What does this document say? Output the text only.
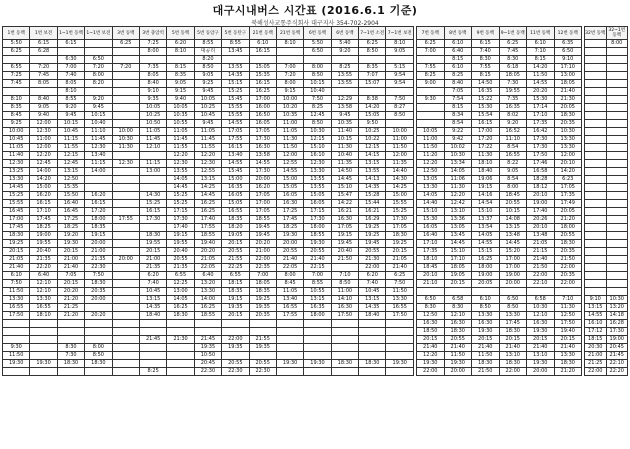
대구시내버스 시간표 (2016.6.1 기준)
북해성사교통주식회사 대구지사 354-702-2904
1번 동백	1번 보전	1~1번 동백	1~1번 보전	3번 동백	3번 충암역	5번 동백	5번 동암구	5번 동탄구	21번 동백	21번 동백	6번 동백	6번 동백	7~1번 소전	7~1번 보전
5:50	6:15	6:15		6:25	7:25	6:20	8:55	8:55	6:10	8:10	5:50	5:40	6:25	8:10
6:25	6:28				8:00	8:10	대공리	13:45	16:15		6:50	9:20	8:50	9:05
		6:30	6:50				8:20							
6:55	7:20	7:00	7:20	7:20	7:35	8:15	8:50	13:55	15:05	7:00	8:00	8:25	8:35	5:15
7:25	7:45	7:40	8:00		8:05	8:35	9:05	14:35	15:35	7:20	8:50	13:55	7:07	9:54
7:45	8:05	8:05	8:20		8:40	9:05	9:25	15:15	16:15	8:00	10:15	13:55	15:07	9:54
		8:10			9:10	9:15	9:45	15:25	16:25	9:15	10:40			
8:10	8:40	8:55	9:20		9:35	9:40	10:05	15:45	17:00	10:00	7:50	12:29	8:38	7:50
8:35	9:05	9:20	9:45		10:05	10:05	10:25	15:55	16:00	10:20	8:25	13:58	14:20	8:27
8:45	9:40	9:45	10:15		10:25	10:35	10:45	15:55	16:50	10:35	12:45	9:45	15:05	8:50
9:25	12:00	10:15	10:40		10:50	10:55	9:45	14:55	16:05	11:00	8:50	10:35	9:50	
10:00	12:30	10:45	11:10	10:00	11:05	11:05	11:05	17:05	17:05	11:05	10:30	11:40	10:25	10:00
10:45	11:00	11:15	11:45	10:30	11:45	11:45	11:45	17:55	17:30	11:30	12:15	10:15	10:22	11:00
11:05	12:00	11:55	12:30	11:30	12:10	11:55	11:55	16:15	16:30	11:50	15:10	11:30	12:15	11:50
11:40	12:20	12:15	13:40			12:20	12:20	13:40	13:58	12:00	16:10	10:40	14:15	12:00
12:30	12:45	12:45	11:15	12:30	11:15	12:30	12:30	14:55	14:55	12:55	12:30	11:35	13:15	11:35
13:25	14:00	13:15	14:00		13:00	13:55	12:55	15:45	17:30	14:55	13:30	14:50	13:55	14:40
13:30	14:20	12:50				14:05	13:15	15:00	20:00	15:00	13:55	14:45	14:13	14:30
14:45	15:00	15:35				14:45	14:25	16:35	16:20	15:05	13:55	15:10	14:35	14:25
15:25	16:20	15:50	16:20		14:30	15:25	14:45	16:05	17:05	16:05	15:05	15:47	15:28	15:00
15:55	16:15	16:40	16:15		15:25	15:25	16:25	15:05	17:00	16:30	16:05	14:22	15:44	15:55
16:45	17:10	16:45	17:20		16:15	17:15	16:25	16:55	17:05	17:25	17:15	16:21	16:21	15:25
17:00	17:45	17:25	18:00	17:55	17:30	17:30	17:40	18:35	18:55	17:45	17:30	16:30	16:29	17:30
17:45	18:25	18:25	18:35			17:40	17:55	18:20	19:45	18:25	18:00	17:05	19:25	17:05
18:30	19:00	19:20	19:15		18:30	19:15	18:55	19:05	19:45	19:30	18:55	19:15	19:25	18:30
19:25	19:55	19:30	20:00		19:55	19:55	19:40	20:15	20:20	20:00	19:30	19:45	19:45	19:25
20:15	20:40	20:15	21:00		20:15	20:40	20:20	20:55	21:00	20:55	20:55	20:40	20:55	20:15
21:05	21:35	21:00	21:35	20:00	21:00	20:55	21:05	21:55	22:00	21:40	21:40	21:50	21:30	21:05
21:40	22:20	21:40	22:30		21:35	21:35	22:05	22:25	22:35	22:05	22:15		22:00	21:40
6:10	6:40	7:05	7:50		6:20	6:55	6:40	6:55	7:00	8:00	7:00	7:10	6:20	6:25
7:50	12:10	20:15	18:30		7:40	12:25	13:20	18:15	18:05	8:45	8:55	8:50	7:40	7:50
11:50	12:10	20:20	20:35		10:45	13:00	13:30	18:35	18:35	11:05	10:55	11:00	10:45	11:50
13:30	13:30	21:20	20:00		13:15	14:05	14:00	19:15	19:25	13:40	13:15	14:10	13:15	13:30
16:55	16:55	21:25			14:35	16:25	16:25	19:35	19:35	16:55	16:35	16:30	14:35	16:55
17:50	18:10	21:20	20:20		18:40	18:30	18:55	20:15	20:35	17:55	18:00	17:50	18:40	17:50

					21:45	21:30	21:45	22:00	21:55					
9:30		8:30	8:00				19:35	19:35	19:35					
11:50		7:30	8:50				10:50							
19:30	19:30	18:30	18:30				20:45	20:55	20:55	19:30	19:30	18:30	18:30	19:30
					8:25		22:30	22:30	22:30					
7번 동백	8번 동백	9번 동백	9~1번 동백	11번 동백	12번 동백
6:25	6:10	6:15	6:25	6:10	6:35
7:00	6:40	7:40	7:45	7:10	6:50
	8:15	8:30	8:30	8:15	9:10
7:55	6:10	7:55	6:18	14:20	17:10
8:25	8:25	8:15	18:05	11:50	13:00
9:00	8:40	14:50	7:30	14:55	18:05
	7:05	16:35	19:55	20:20	21:40
9:30	7:54	15:22	7:35	15:30	21:30
	8:15	15:30	16:35	17:14	20:05
	8:34	15:54	8:02	17:10	18:30
	8:54	16:15	9:20	17:35	20:35
10:05	9:22	17:00	16:52	16:42	10:30
11:00	9:42	17:20	11:10	17:30	13:30
11:50	10:02	17:22	8:54	17:30	13:30
11:20	10:30	11:30	16:55	17:50	12:00
12:20	13:34	18:10	8:22	17:46	20:10
12:50	14:05	18:40	9:05	16:58	14:20
13:05	11:06	19:06	8:54	18:28	6:23
13:30	11:30	19:15	8:00	18:12	17:05
14:05	12:20	14:16	18:45	20:10	17:35
14:40	12:42	14:54	20:55	19:00	17:49
15:10	13:10	15:10	10:15	17:40	20:05
15:30	13:36	13:37	14:08	20:26	21:20
16:05	13:05	13:54	13:15	20:10	18:00
16:40	13:45	14:05	13:48	13:48	20:55
17:10	14:45	14:55	14:45	21:05	18:30
17:35	15:10	15:15	15:20	21:15	20:35
18:10	17:10	16:25	17:00	21:40	21:50
18:45	18:05	18:00	17:00	21:50	22:00
20:10	19:05	19:00	19:00	22:00	20:35
21:10	20:15	20:05	20:00	22:10	22:00

6:50	6:58	6:10	6:50	6:58	7:10
8:30	8:30	8:50	8:50	10:30	11:30
12:50	12:10	13:30	13:30	12:10	12:50
16:30	16:30	16:30	17:45	16:30	17:50
18:50	18:30	19:30	18:30	19:30	19:40
20:15	20:55	20:15	20:15	20:15	20:15
21:40	21:40	21:40	21:40	21:40	21:40
12:20	11:50	11:50	13:10	13:10	13:30
19:30	19:30	18:30	18:30	19:30	18:30
22:00	20:00	21:50	22:00	20:00	21:20
32번 동백	32~1번 동백
	8:00

9:10	10:30
13:15	13:20
14:55	14:18
16:10	16:28
17:12	17:30
18:15	19:00
20:30	20:45
21:00	21:45
21:25	22:10
22:00	22:20
